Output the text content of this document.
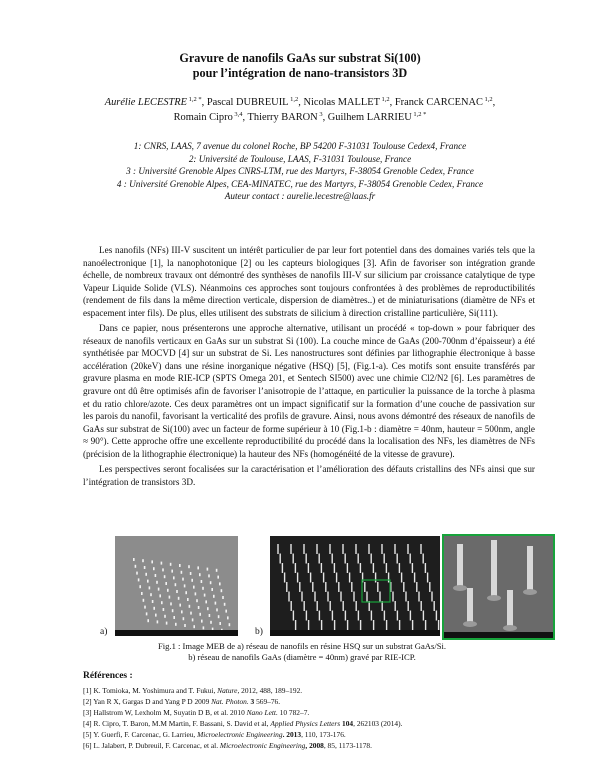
Gravure de nanofils GaAs sur substrat Si(100)
pour l’intégration de nano-transistors 3D
Aurélie LECESTRE $^{1,2 *}$, Pascal DUBREUIL $^{1,2}$, Nicolas MALLET $^{1,2}$, Franck CARCENAC $^{1,2}$,
Romain Cipro $^{3,4}$, Thierry BARON $^3$, Guilhem LARRIEU $^{1,2 *}$
1: CNRS, LAAS, 7 avenue du colonel Roche, BP 54200 F-31031 Toulouse Cedex4, France
2: Université de Toulouse, LAAS, F-31031 Toulouse, France
3 : Université Grenoble Alpes CNRS-LTM, rue des Martyrs, F-38054 Grenoble Cedex, France
4 : Université Grenoble Alpes, CEA-MINATEC, rue des Martyrs, F-38054 Grenoble Cedex, France
Auteur contact : aurelie.lecestre@laas.fr

Les nanofils (NFs) III-V suscitent un intérêt particulier de par leur fort potentiel dans des domaines variés tels que la nanoélectronique [1], la nanophotonique [2] ou les capteurs biologiques [3]. Afin de favoriser son intégration grande échelle, de nombreux travaux ont démontré des synthèses de nanofils III-V sur silicium par croissance catalytique de type Vapeur Liquide Solide (VLS). Néanmoins ces approches sont toujours confrontées à des problèmes de reproductibilités (rendement de fils dans la même direction verticale, dispersion de diamètres..) et de miniaturisations (diamètre de NFs et espacement inter fils). De plus, elles utilisent des substrats de silicium à direction cristalline particulière, Si(111).

Dans ce papier, nous présenterons une approche alternative, utilisant un procédé « top-down » pour fabriquer des réseaux de nanofils verticaux en GaAs sur un substrat Si (100). La couche mince de GaAs (200-700nm d’épaisseur) a été synthétisée par MOCVD [4] sur un substrat de Si. Les nanostructures sont définies par lithographie électronique à basse accélération (20keV) dans une résine inorganique négative (HSQ) [5], (Fig.1-a). Ces motifs sont ensuite transférés par gravure plasma en mode RIE-ICP (SPTS Omega 201, et Sentech SI500) avec une chimie Cl2/N2 [6]. Les paramètres de gravure ont dû être optimisés afin de favoriser l’anisotropie de l’attaque, en particulier la puissance de la torche à plasma et du ratio chlore/azote. Ces deux paramètres ont un impact significatif sur la formation d’une couche de passivation sur les parois du nanofil, favorisant la verticalité des profils de gravure. Ainsi, nous avons démontré des réseaux de nanofils de GaAs sur substrat de Si(100) avec un facteur de forme supérieur à 10 (Fig.1-b : diamètre = 40nm, hauteur = 500nm, angle ≈ 90°). Cette approche offre une excellente reproductibilité du procédé dans la localisation des NFs, les diamètres de NFs (précision de la lithographie électronique) la hauteur des NFs (homogénéité de la vitesse de gravure).

Les perspectives seront focalisées sur la caractérisation et l’amélioration des défauts cristallins des NFs ainsi que sur l’intégration de transistors 3D.

a)	b)
Fig.1 : Image MEB de a) réseau de nanofils en résine HSQ sur un substrat GaAs/Si.
b) réseau de nanofils GaAs (diamètre = 40nm) gravé par RIE-ICP.
Références :
[1] K. Tomioka, M. Yoshimura and T. Fukui, Nature, 2012, 488, 189–192.
[2] Yan R X, Gargas D and Yang P D 2009 Nat. Photon. 3 569–76.
[3] Hallstrom W, Lexholm M, Suyatin D B, et al. 2010 Nano Lett. 10 782–7.
[4] R. Cipro, T. Baron, M.M Martin, F. Bassani, S. David et al, Applied Physics Letters 104, 262103 (2014).
[5] Y. Guerfi, F. Carcenac, G. Larrieu, Microelectronic Engineering. 2013, 110, 173-176.
[6] L. Jalabert, P. Dubreuil, F. Carcenac, et al. Microelectronic Engineering, 2008, 85, 1173-1178.
